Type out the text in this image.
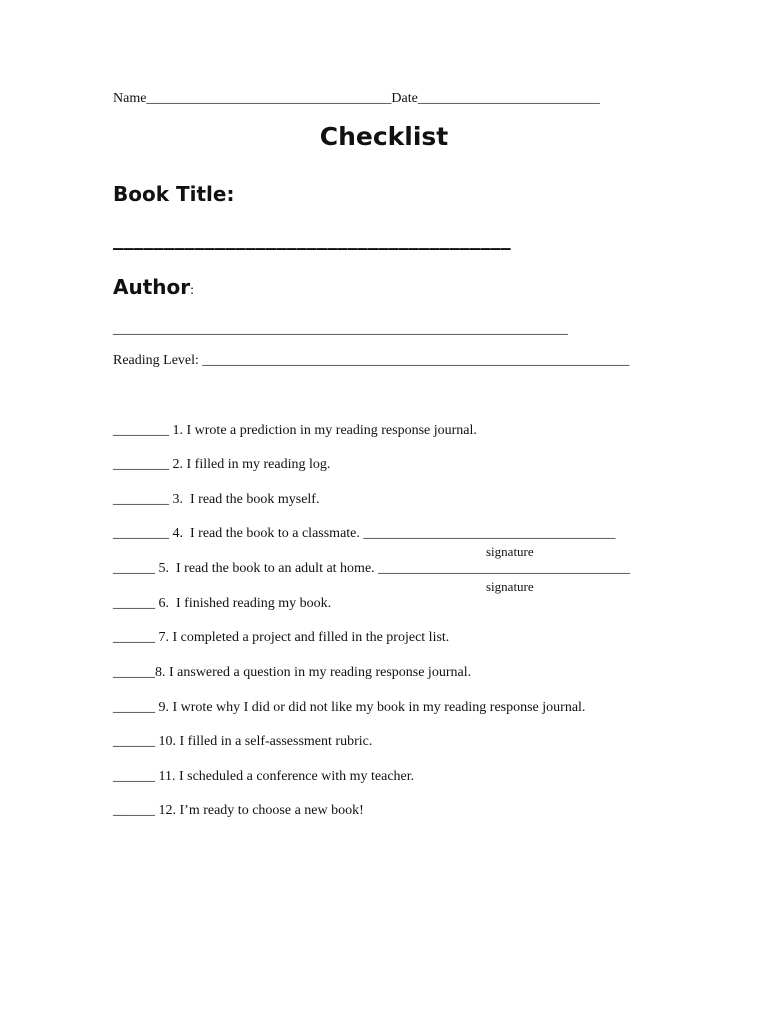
Name___________________________________Date__________________________
Checklist
Book Title:
_______________________________________
Author:
_________________________________________________________________
Reading Level: _____________________________________________________________
________ 1. I wrote a prediction in my reading response journal.
________ 2. I filled in my reading log.
________ 3.  I read the book myself.
________ 4.  I read the book to a classmate. ____________________________________
signature
______ 5.  I read the book to an adult at home. ____________________________________
signature
______ 6.  I finished reading my book.
______ 7. I completed a project and filled in the project list.
______8. I answered a question in my reading response journal.
______ 9. I wrote why I did or did not like my book in my reading response journal.
______ 10. I filled in a self-assessment rubric.
______ 11. I scheduled a conference with my teacher.
______ 12. I’m ready to choose a new book!
